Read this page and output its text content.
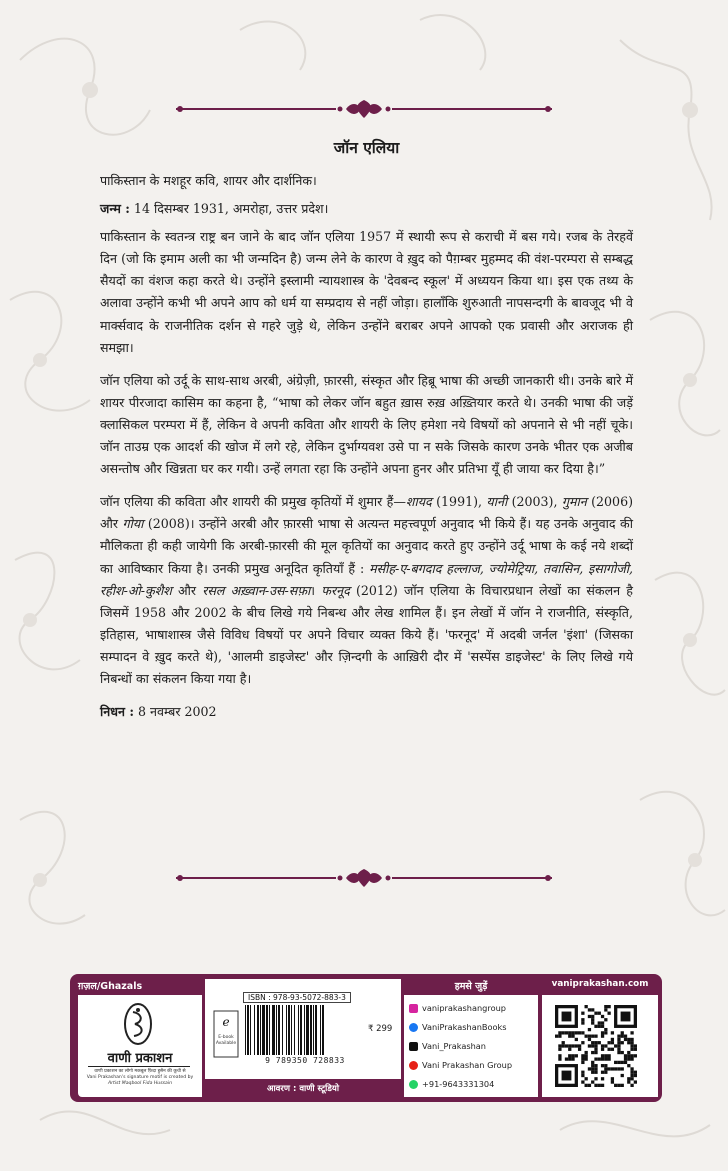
जॉन एलिया

पाकिस्तान के मशहूर कवि, शायर और दार्शनिक।

जन्म : 14 दिसम्बर 1931, अमरोहा, उत्तर प्रदेश।

पाकिस्तान के स्वतन्त्र राष्ट्र बन जाने के बाद जॉन एलिया 1957 में स्थायी रूप से कराची में बस गये। रजब के तेरहवें दिन (जो कि इमाम अली का भी जन्मदिन है) जन्म लेने के कारण वे ख़ुद को पैग़म्बर मुहम्मद की वंश-परम्परा से सम्बद्ध सैयदों का वंशज कहा करते थे। उन्होंने इस्लामी न्यायशास्त्र के 'देवबन्द स्कूल' में अध्ययन किया था। इस एक तथ्य के अलावा उन्होंने कभी भी अपने आप को धर्म या सम्प्रदाय से नहीं जोड़ा। हालाँकि शुरुआती नापसन्दगी के बावजूद भी वे मार्क्सवाद के राजनीतिक दर्शन से गहरे जुड़े थे, लेकिन उन्होंने बराबर अपने आपको एक प्रवासी और अराजक ही समझा।

जॉन एलिया को उर्दू के साथ-साथ अरबी, अंग्रेज़ी, फ़ारसी, संस्कृत और हिब्रू भाषा की अच्छी जानकारी थी। उनके बारे में शायर पीरजादा कासिम का कहना है, “भाषा को लेकर जॉन बहुत ख़ास रुख़ अख़्तियार करते थे। उनकी भाषा की जड़ें क्लासिकल परम्परा में हैं, लेकिन वे अपनी कविता और शायरी के लिए हमेशा नये विषयों को अपनाने से भी नहीं चूके। जॉन ताउम्र एक आदर्श की खोज में लगे रहे, लेकिन दुर्भाग्यवश उसे पा न सके जिसके कारण उनके भीतर एक अजीब असन्तोष और खिन्नता घर कर गयी। उन्हें लगता रहा कि उन्होंने अपना हुनर और प्रतिभा यूँ ही जाया कर दिया है।”

जॉन एलिया की कविता और शायरी की प्रमुख कृतियों में शुमार हैं—शायद (1991), यानी (2003), गुमान (2006) और गोया (2008)। उन्होंने अरबी और फ़ारसी भाषा से अत्यन्त महत्त्वपूर्ण अनुवाद भी किये हैं। यह उनके अनुवाद की मौलिकता ही कही जायेगी कि अरबी-फ़ारसी की मूल कृतियों का अनुवाद करते हुए उन्होंने उर्दू भाषा के कई नये शब्दों का आविष्कार किया है। उनकी प्रमुख अनूदित कृतियाँ हैं : मसीह-ए-बगदाद हल्लाज, ज्योमेट्रिया, तवासिन, इसागोजी, रहीश-ओ-कुशैश और रसल अख़्वान-उस-सफ़ा। फरनूद (2012) जॉन एलिया के विचारप्रधान लेखों का संकलन है जिसमें 1958 और 2002 के बीच लिखे गये निबन्ध और लेख शामिल हैं। इन लेखों में जॉन ने राजनीति, संस्कृति, इतिहास, भाषाशास्त्र जैसे विविध विषयों पर अपने विचार व्यक्त किये हैं। 'फरनूद' में अदबी जर्नल 'इंशा' (जिसका सम्पादन वे ख़ुद करते थे), 'आलमी डाइजेस्ट' और ज़िन्दगी के आख़िरी दौर में 'सस्पेंस डाइजेस्ट' के लिए लिखे गये निबन्धों का संकलन किया गया है।

निधन : 8 नवम्बर 2002

ग़ज़ल/Ghazals
वाणी प्रकाशन
वाणी प्रकाशन का लोगो मकबूल फ़िदा हुसैन की कूची से
Vani Prakashan's signature motif is created by
Artist Maqbool Fida Hussain
ISBN : 978-93-5072-883-3
e
E-book
Available
9 789350 728833
₹ 299
आवरण : वाणी स्टूडियो
हमसे जुड़ें
vaniprakashangroup
VaniPrakashanBooks
Vani_Prakashan
Vani Prakashan Group
+91-9643331304
vaniprakashan.com
